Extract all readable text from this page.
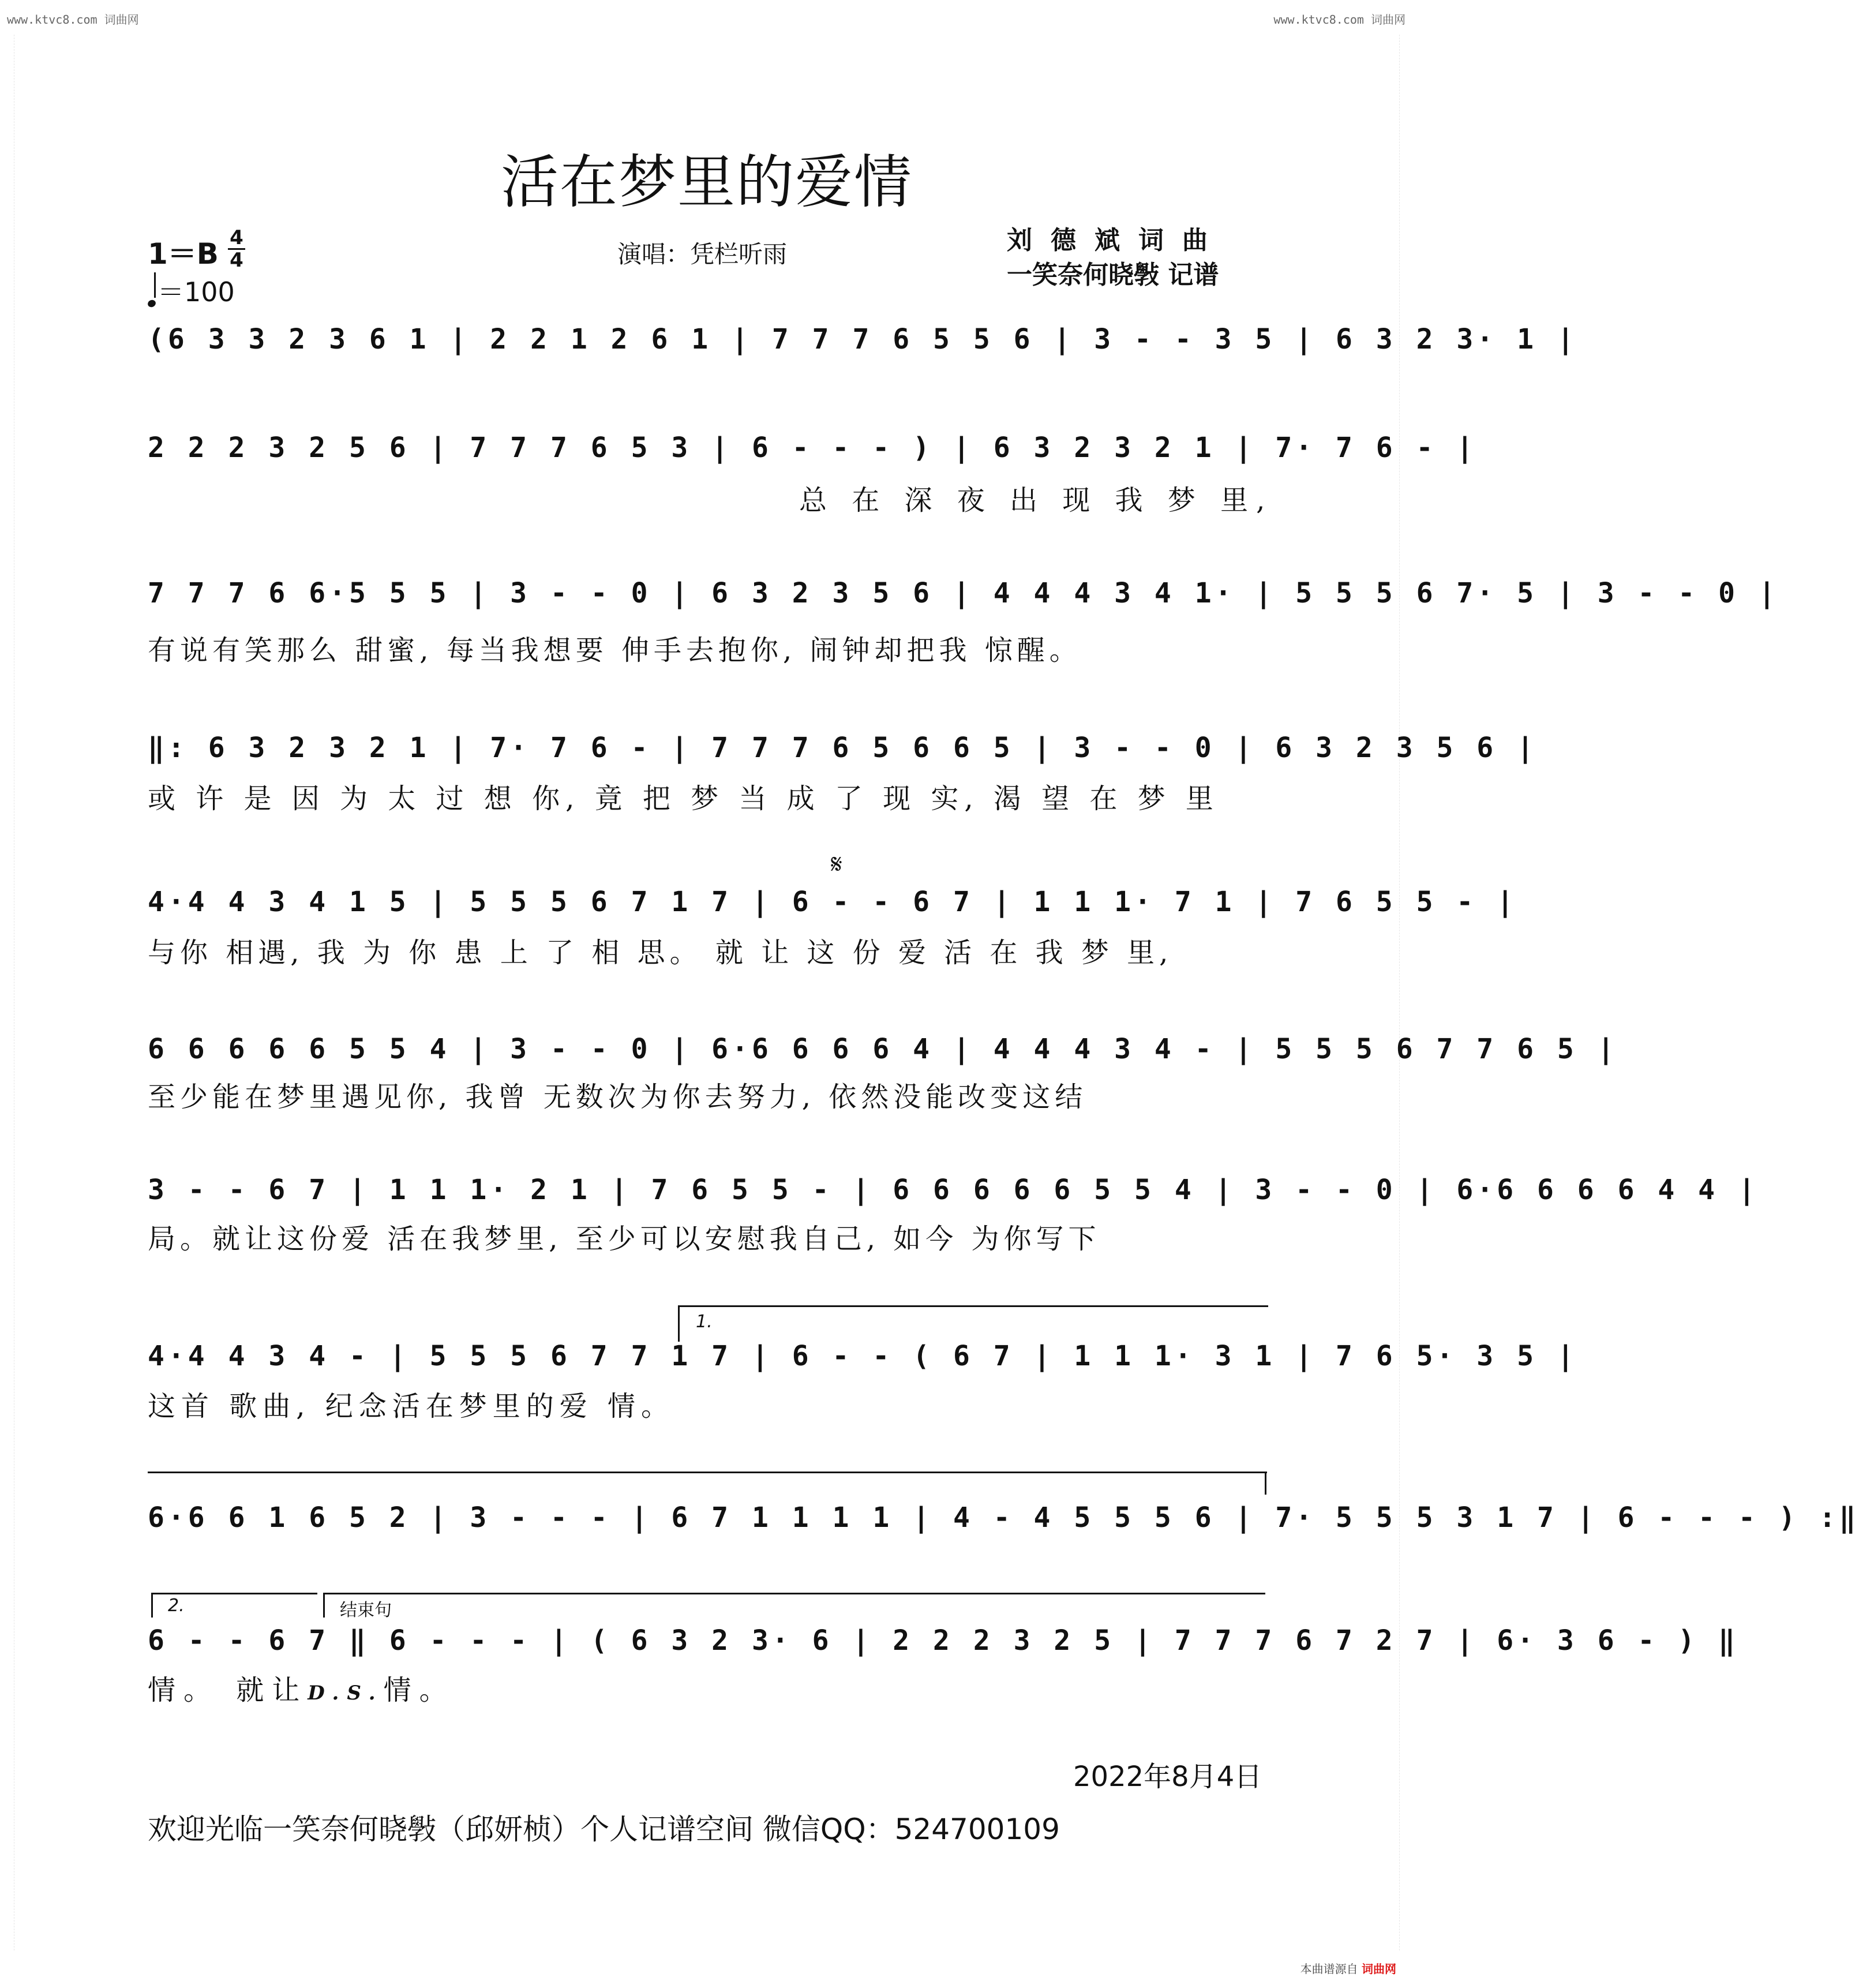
www.ktvc8.com 词曲网	www.ktvc8.com 词曲网
本曲谱源自 词曲网
活在梦里的爱情
1＝B 4
4
＝100
演唱：凭栏听雨	刘德斌词曲
一笑奈何晓斅 记谱
(6 3 3 2 3 6 1 | 2 2 1 2 6 1 | 7 7 7 6 5 5 6 | 3 - - 3 5 | 6 3 2 3· 1 |
2 2 2 3 2 5 6 | 7 7 7 6 5 3 | 6 - - - ) | 6 3 2 3 2 1 | 7· 7 6 - |
总 在 深 夜 出 现 我 梦 里,
7 7 7 6 6·5 5 5 | 3 - - 0 | 6 3 2 3 5 6 | 4 4 4 3 4 1· | 5 5 5 6 7· 5 | 3 - - 0 |
有说有笑那么 甜蜜, 每当我想要 伸手去抱你, 闹钟却把我 惊醒。
‖: 6 3 2 3 2 1 | 7· 7 6 - | 7 7 7 6 5 6 6 5 | 3 - - 0 | 6 3 2 3 5 6 |
或 许 是 因 为 太 过 想 你, 竟 把 梦 当 成 了 现 实, 渴 望 在 梦 里
𝄋
4·4 4 3 4 1 5 | 5 5 5 6 7 1 7 | 6 - - 6 7 | 1 1 1· 7 1 | 7 6 5 5 - |
与你 相遇, 我 为 你 患 上 了 相 思。 就 让 这 份 爱 活 在 我 梦 里,
6 6 6 6 6 5 5 4 | 3 - - 0 | 6·6 6 6 6 4 | 4 4 4 3 4 - | 5 5 5 6 7 7 6 5 |
至少能在梦里遇见你, 我曾 无数次为你去努力, 依然没能改变这结
3 - - 6 7 | 1 1 1· 2 1 | 7 6 5 5 - | 6 6 6 6 6 5 5 4 | 3 - - 0 | 6·6 6 6 6 4 4 |
局。就让这份爱 活在我梦里, 至少可以安慰我自己, 如今 为你写下
1.
4·4 4 3 4 - | 5 5 5 6 7 7 1 7 | 6 - - ( 6 7 | 1 1 1· 3 1 | 7 6 5· 3 5 |
这首 歌曲, 纪念活在梦里的爱 情。
6·6 6 1 6 5 2 | 3 - - - | 6 7 1 1 1 1 | 4 - 4 5 5 5 6 | 7· 5 5 5 3 1 7 | 6 - - - ) :‖
2.	结束句
6 - - 6 7 ‖ 6 - - - | ( 6 3 2 3· 6 | 2 2 2 3 2 5 | 7 7 7 6 7 2 7 | 6· 3 6 - ) ‖
情。 就让D.S.情。
2022年8月4日
欢迎光临一笑奈何晓斅（邱妍桢）个人记谱空间 微信QQ：524700109
